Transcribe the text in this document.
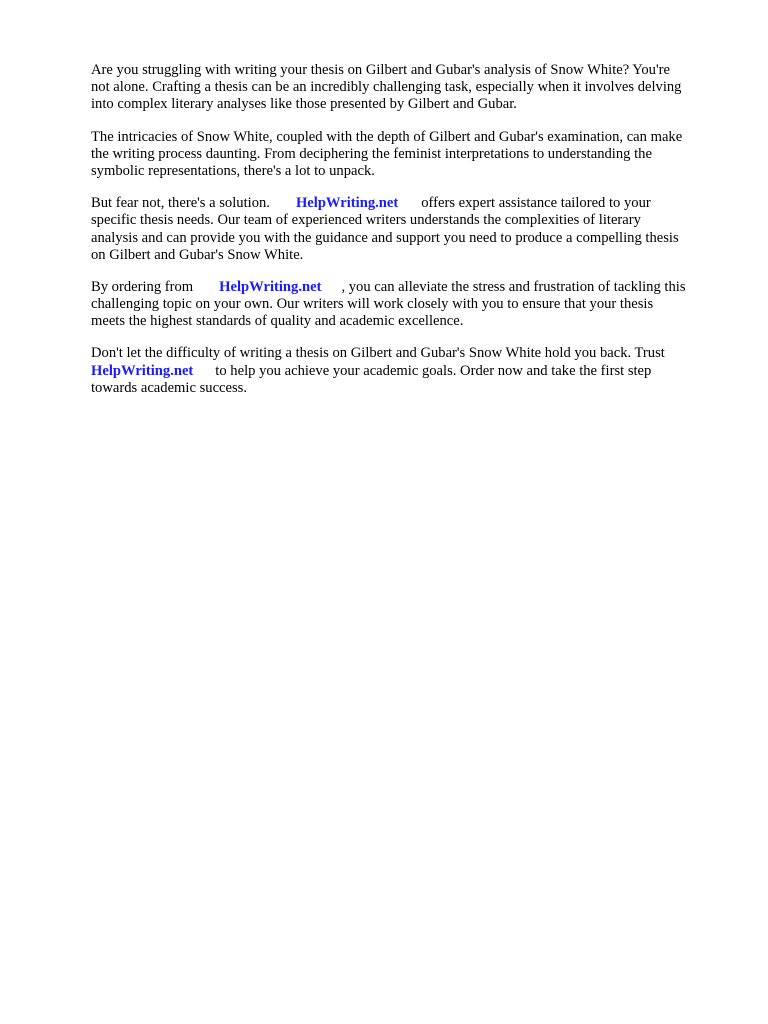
Are you struggling with writing your thesis on Gilbert and Gubar's analysis of Snow White? You're
not alone. Crafting a thesis can be an incredibly challenging task, especially when it involves delving
into complex literary analyses like those presented by Gilbert and Gubar.

The intricacies of Snow White, coupled with the depth of Gilbert and Gubar's examination, can make
the writing process daunting. From deciphering the feminist interpretations to understanding the
symbolic representations, there's a lot to unpack.

But fear not, there's a solution. HelpWriting.net offers expert assistance tailored to your
specific thesis needs. Our team of experienced writers understands the complexities of literary
analysis and can provide you with the guidance and support you need to produce a compelling thesis
on Gilbert and Gubar's Snow White.

By ordering from HelpWriting.net , you can alleviate the stress and frustration of tackling this
challenging topic on your own. Our writers will work closely with you to ensure that your thesis
meets the highest standards of quality and academic excellence.

Don't let the difficulty of writing a thesis on Gilbert and Gubar's Snow White hold you back. Trust
HelpWriting.net to help you achieve your academic goals. Order now and take the first step
towards academic success.
